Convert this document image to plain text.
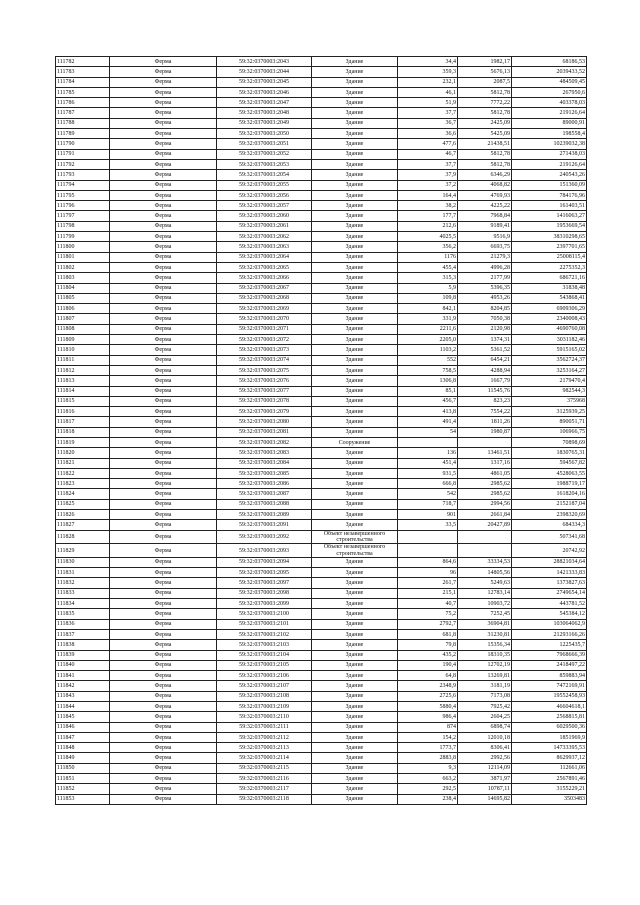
111782	Ферма	59:32:0370003:2043	Здание	34,4	1982,17	68186,53
111783	Ферма	59:32:0370003:2044	Здание	359,3	5676,13	2039433,52
111784	Ферма	59:32:0370003:2045	Здание	232,1	2087,5	484509,45
111785	Ферма	59:32:0370003:2046	Здание	46,1	5812,78	267950,6
111786	Ферма	59:32:0370003:2047	Здание	51,9	7772,22	403378,03
111787	Ферма	59:32:0370003:2048	Здание	37,7	5812,78	219126,64
111788	Ферма	59:32:0370003:2049	Здание	36,7	2425,09	89000,91
111789	Ферма	59:32:0370003:2050	Здание	36,6	5425,09	198558,4
111790	Ферма	59:32:0370003:2051	Здание	477,6	21438,51	10239032,38
111791	Ферма	59:32:0370003:2052	Здание	46,7	5812,78	271438,03
111792	Ферма	59:32:0370003:2053	Здание	37,7	5812,78	219126,64
111793	Ферма	59:32:0370003:2054	Здание	37,9	6346,29	240543,26
111794	Ферма	59:32:0370003:2055	Здание	37,2	4068,82	151360,09
111795	Ферма	59:32:0370003:2056	Здание	164,4	4769,93	784176,96
111796	Ферма	59:32:0370003:2057	Здание	38,2	4225,22	161403,51
111797	Ферма	59:32:0370003:2060	Здание	177,7	7968,84	1416063,27
111798	Ферма	59:32:0370003:2061	Здание	212,6	9189,41	1953669,54
111799	Ферма	59:32:0370003:2062	Здание	4025,5	9516,9	38310298,65
111800	Ферма	59:32:0370003:2063	Здание	356,2	6693,75	2397701,65
111801	Ферма	59:32:0370003:2064	Здание	1176	21279,3	25008115,4
111802	Ферма	59:32:0370003:2065	Здание	455,4	4996,28	2275352,3
111803	Ферма	59:32:0370003:2066	Здание	315,3	2177,99	686721,16
111804	Ферма	59:32:0370003:2067	Здание	5,9	5396,35	31838,48
111805	Ферма	59:32:0370003:2068	Здание	109,8	4953,26	543868,41
111806	Ферма	59:32:0370003:2069	Здание	842,1	8204,85	6909306,29
111807	Ферма	59:32:0370003:2070	Здание	331,9	7050,38	2340008,43
111808	Ферма	59:32:0370003:2071	Здание	2211,6	2120,98	4690760,08
111809	Ферма	59:32:0370003:2072	Здание	2205,0	1374,31	3031182,46
111810	Ферма	59:32:0370003:2073	Здание	1103,2	5361,52	5915165,02
111811	Ферма	59:32:0370003:2074	Здание	552	6454,21	3562724,37
111812	Ферма	59:32:0370003:2075	Здание	758,5	4288,94	3253164,27
111813	Ферма	59:32:0370003:2076	Здание	1306,8	1667,79	2179470,4
111814	Ферма	59:32:0370003:2077	Здание	85,1	11545,76	982544,3
111815	Ферма	59:32:0370003:2078	Здание	456,7	823,23	375968
111816	Ферма	59:32:0370003:2079	Здание	413,8	7554,22	3125939,25
111817	Ферма	59:32:0370003:2080	Здание	491,4	1811,26	890051,71
111818	Ферма	59:32:0370003:2081	Здание	54	1980,87	106966,75
111819	Ферма	59:32:0370003:2082	Сооружение			70898,69
111820	Ферма	59:32:0370003:2083	Здание	136	13461,51	1830765,31
111821	Ферма	59:32:0370003:2084	Здание	451,4	1317,16	594567,82
111822	Ферма	59:32:0370003:2085	Здание	931,5	4861,05	4528063,55
111823	Ферма	59:32:0370003:2086	Здание	666,8	2985,62	1988719,17
111824	Ферма	59:32:0370003:2087	Здание	542	2985,62	1618204,16
111825	Ферма	59:32:0370003:2088	Здание	718,7	2994,56	2152187,04
111826	Ферма	59:32:0370003:2089	Здание	901	2661,84	2398320,69
111827	Ферма	59:32:0370003:2091	Здание	33,5	20427,89	684334,3
111828	Ферма	59:32:0370003:2092	Объект незавершенного строительства			507341,68
111829	Ферма	59:32:0370003:2093	Объект незавершенного строительства			20742,92
111830	Ферма	59:32:0370003:2094	Здание	864,6	33334,53	28821034,64
111831	Ферма	59:32:0370003:2095	Здание	96	14805,56	1421333,83
111832	Ферма	59:32:0370003:2097	Здание	261,7	5249,63	1373827,63
111833	Ферма	59:32:0370003:2098	Здание	215,1	12783,14	2749654,14
111834	Ферма	59:32:0370003:2099	Здание	40,7	10903,72	443781,52
111835	Ферма	59:32:0370003:2100	Здание	75,2	7252,45	545384,12
111836	Ферма	59:32:0370003:2101	Здание	2792,7	36904,81	103064062,9
111837	Ферма	59:32:0370003:2102	Здание	681,8	31230,81	21293166,26
111838	Ферма	59:32:0370003:2103	Здание	79,8	15356,34	1225435,7
111839	Ферма	59:32:0370003:2104	Здание	435,2	18310,35	7968666,39
111840	Ферма	59:32:0370003:2105	Здание	190,4	12702,19	2418497,22
111841	Ферма	59:32:0370003:2106	Здание	64,8	13269,81	859883,94
111842	Ферма	59:32:0370003:2107	Здание	2348,9	3181,19	7472169,91
111843	Ферма	59:32:0370003:2108	Здание	2725,6	7173,08	19552458,93
111844	Ферма	59:32:0370003:2109	Здание	5880,4	7925,42	46604618,1
111845	Ферма	59:32:0370003:2110	Здание	986,4	2604,25	2568815,81
111846	Ферма	59:32:0370003:2111	Здание	874	6898,74	6029500,36
111847	Ферма	59:32:0370003:2112	Здание	154,2	12010,18	1851969,9
111848	Ферма	59:32:0370003:2113	Здание	1773,7	8306,41	14733395,53
111849	Ферма	59:32:0370003:2114	Здание	2883,8	2992,56	8629937,12
111850	Ферма	59:32:0370003:2115	Здание	9,3	12114,09	112661,06
111851	Ферма	59:32:0370003:2116	Здание	663,2	3871,97	2567891,46
111852	Ферма	59:32:0370003:2117	Здание	292,5	10787,11	3155229,21
111853	Ферма	59:32:0370003:2118	Здание	238,4	14695,82	3503483
